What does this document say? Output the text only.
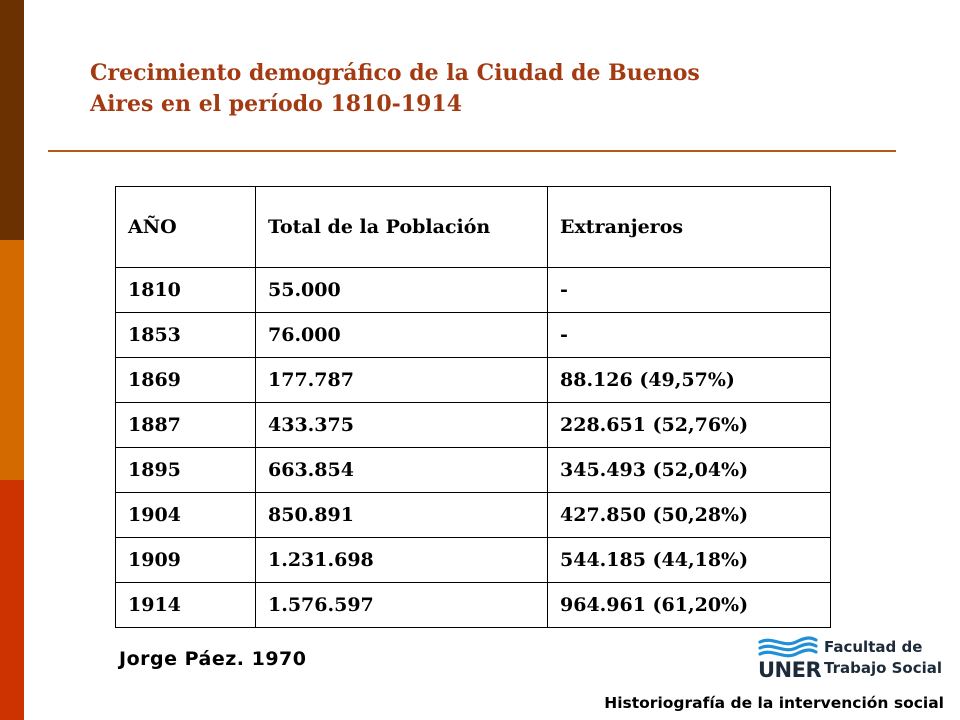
Crecimiento demográfico de la Ciudad de Buenos
Aires en el período 1810-1914
AÑO	Total de la Población	Extranjeros
1810	55.000	-
1853	76.000	-
1869	177.787	88.126 (49,57%)
1887	433.375	228.651 (52,76%)
1895	663.854	345.493 (52,04%)
1904	850.891	427.850 (50,28%)
1909	1.231.698	544.185 (44,18%)
1914	1.576.597	964.961 (61,20%)
Jorge Páez. 1970	UNER
Facultad de
Trabajo Social
Historiografía de la intervención social
